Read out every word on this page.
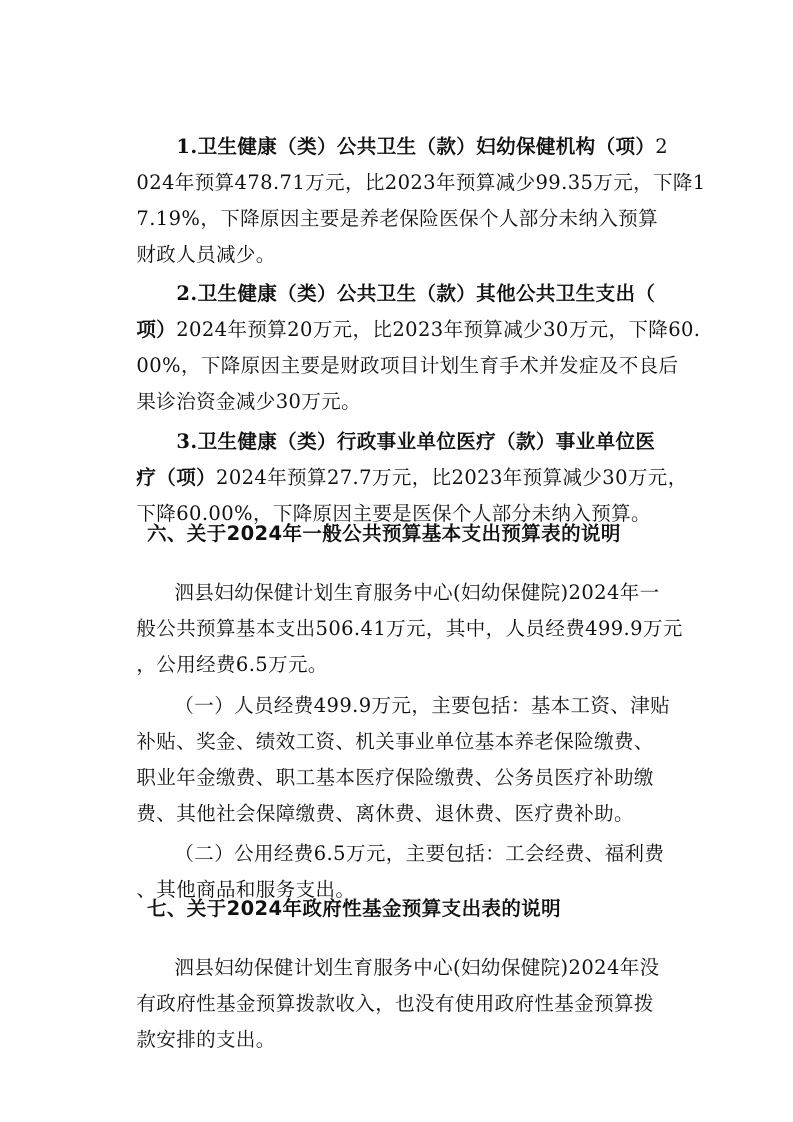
1.卫生健康（类）公共卫生（款）妇幼保健机构（项）2

024年预算478.71万元，比2023年预算减少99.35万元，下降1

7.19%，下降原因主要是养老保险医保个人部分未纳入预算

财政人员减少。

2.卫生健康（类）公共卫生（款）其他公共卫生支出（

项）2024年预算20万元，比2023年预算减少30万元，下降60.

00%，下降原因主要是财政项目计划生育手术并发症及不良后

果诊治资金减少30万元。

3.卫生健康（类）行政事业单位医疗（款）事业单位医

疗（项）2024年预算27.7万元，比2023年预算减少30万元，

下降60.00%，下降原因主要是医保个人部分未纳入预算。

六、关于2024年一般公共预算基本支出预算表的说明

泗县妇幼保健计划生育服务中心(妇幼保健院)2024年一

般公共预算基本支出506.41万元，其中，人员经费499.9万元

，公用经费6.5万元。

（一）人员经费499.9万元，主要包括：基本工资、津贴

补贴、奖金、绩效工资、机关事业单位基本养老保险缴费、

职业年金缴费、职工基本医疗保险缴费、公务员医疗补助缴

费、其他社会保障缴费、离休费、退休费、医疗费补助。

（二）公用经费6.5万元，主要包括：工会经费、福利费

、其他商品和服务支出。

七、关于2024年政府性基金预算支出表的说明

泗县妇幼保健计划生育服务中心(妇幼保健院)2024年没

有政府性基金预算拨款收入，也没有使用政府性基金预算拨

款安排的支出。
